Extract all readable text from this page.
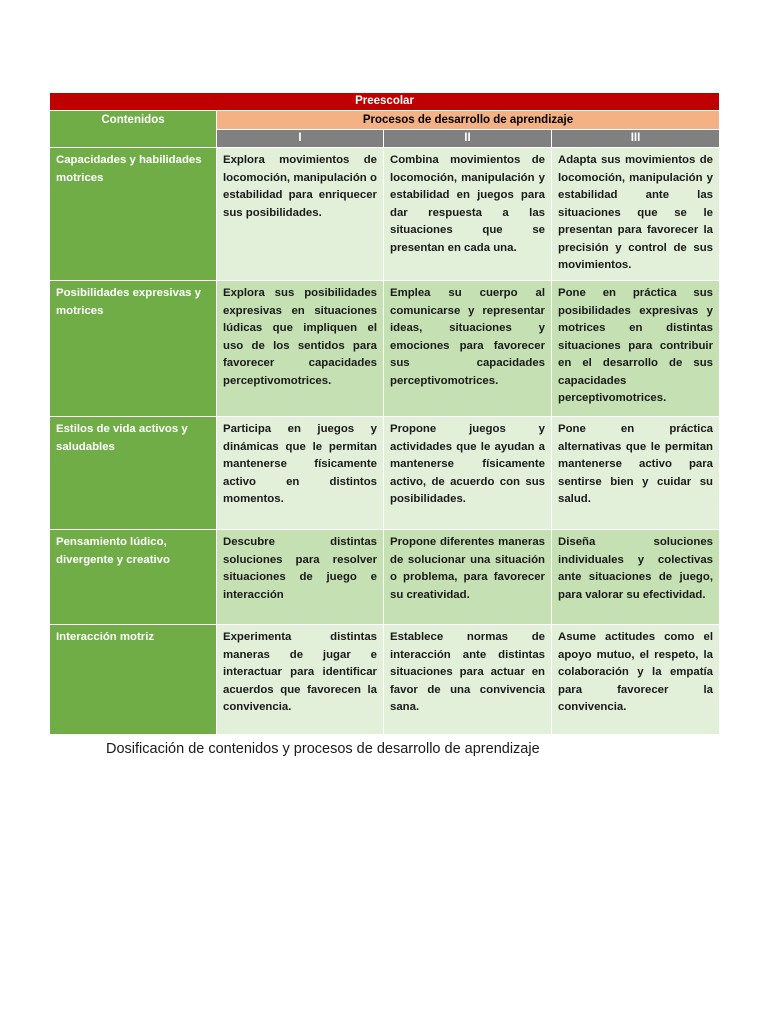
Preescolar			
Contenidos	Procesos de desarrollo de aprendizaje		
	I	II	III
Capacidades y habilidades motrices	Explora movimientos de locomoción, manipulación o estabilidad para enriquecer sus posibilidades.	Combina movimientos de locomoción, manipulación y estabilidad en juegos para dar respuesta a las situaciones que se presentan en cada una.	Adapta sus movimientos de locomoción, manipulación y estabilidad ante las situaciones que se le presentan para favorecer la precisión y control de sus movimientos.
Posibilidades expresivas y motrices	Explora sus posibilidades expresivas en situaciones lúdicas que impliquen el uso de los sentidos para favorecer capacidades perceptivomotrices.	Emplea su cuerpo al comunicarse y representar ideas, situaciones y emociones para favorecer sus capacidades perceptivomotrices.	Pone en práctica sus posibilidades expresivas y motrices en distintas situaciones para contribuir en el desarrollo de sus capacidades perceptivomotrices.
Estilos de vida activos y saludables	Participa en juegos y dinámicas que le permitan mantenerse físicamente activo en distintos momentos.	Propone juegos y actividades que le ayudan a mantenerse físicamente activo, de acuerdo con sus posibilidades.	Pone en práctica alternativas que le permitan mantenerse activo para sentirse bien y cuidar su salud.
Pensamiento lúdico, divergente y creativo	Descubre distintas soluciones para resolver situaciones de juego e interacción	Propone diferentes maneras de solucionar una situación o problema, para favorecer su creatividad.	Diseña soluciones individuales y colectivas ante situaciones de juego, para valorar su efectividad.
Interacción motriz	Experimenta distintas maneras de jugar e interactuar para identificar acuerdos que favorecen la convivencia.	Establece normas de interacción ante distintas situaciones para actuar en favor de una convivencia sana.	Asume actitudes como el apoyo mutuo, el respeto, la colaboración y la empatía para favorecer la convivencia.
Dosificación de contenidos y procesos de desarrollo de aprendizaje
